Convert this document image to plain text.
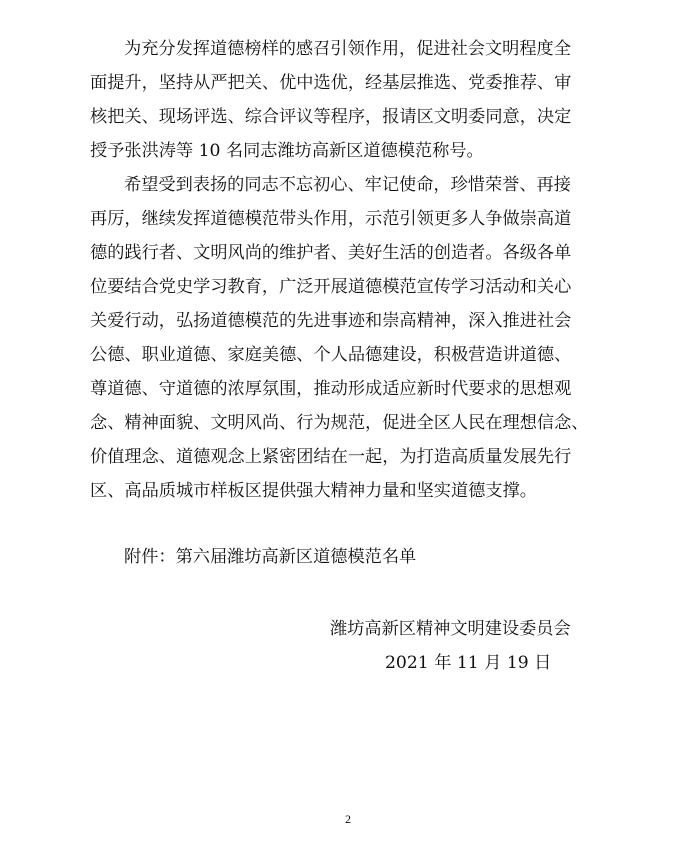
为充分发挥道德榜样的感召引领作用，促进社会文明程度全
面提升，坚持从严把关、优中选优，经基层推选、党委推荐、审
核把关、现场评选、综合评议等程序，报请区文明委同意，决定
授予张洪涛等 10 名同志潍坊高新区道德模范称号。
希望受到表扬的同志不忘初心、牢记使命，珍惜荣誉、再接
再厉，继续发挥道德模范带头作用，示范引领更多人争做崇高道
德的践行者、文明风尚的维护者、美好生活的创造者。各级各单
位要结合党史学习教育，广泛开展道德模范宣传学习活动和关心
关爱行动，弘扬道德模范的先进事迹和崇高精神，深入推进社会
公德、职业道德、家庭美德、个人品德建设，积极营造讲道德、
尊道德、守道德的浓厚氛围，推动形成适应新时代要求的思想观
念、精神面貌、文明风尚、行为规范，促进全区人民在理想信念、
价值理念、道德观念上紧密团结在一起，为打造高质量发展先行
区、高品质城市样板区提供强大精神力量和坚实道德支撑。
附件：第六届潍坊高新区道德模范名单
潍坊高新区精神文明建设委员会
2021 年 11 月 19 日
2
